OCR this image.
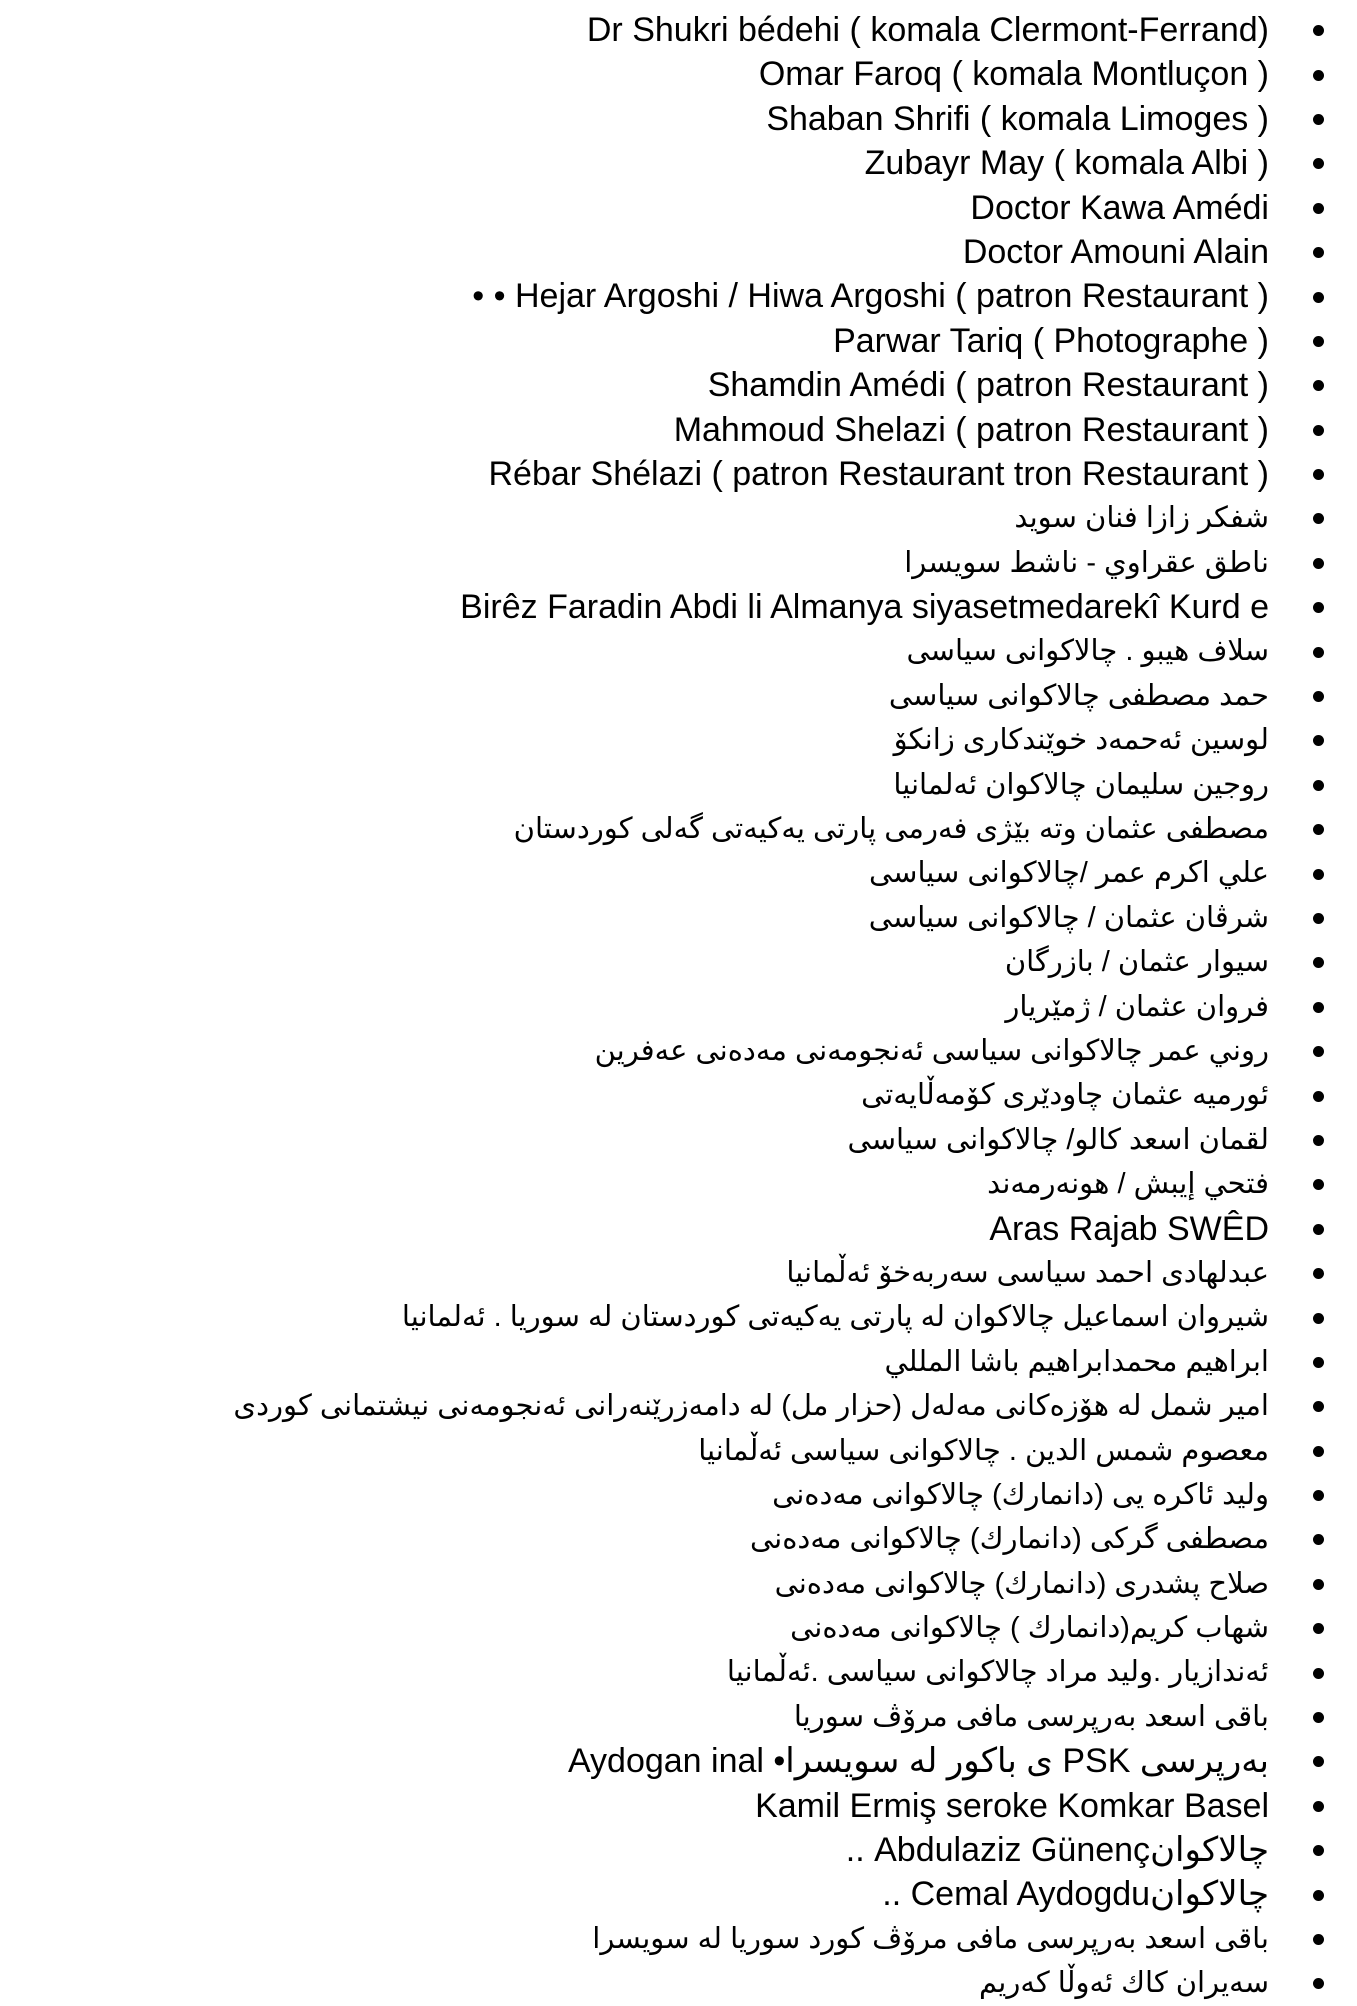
Dr Shukri bédehi ( komala Clermont-Ferrand)
Omar Faroq ( komala Montluçon )
Shaban Shrifi ( komala Limoges )
Zubayr May ( komala Albi )
Doctor Kawa Amédi
Doctor Amouni Alain
• • Hejar Argoshi / Hiwa Argoshi ( patron Restaurant )
Parwar Tariq ( Photographe )
Shamdin Amédi ( patron Restaurant )
Mahmoud Shelazi ( patron Restaurant )
Rébar Shélazi ( patron Restaurant tron Restaurant )
شفكر زازا فنان سويد
ناطق عقراوي - ناشط سويسرا
Birêz Faradin Abdi li Almanya siyasetmedarekî Kurd e
سلاف هيبو . چالاکوانی سیاسی
حمد مصطفى چالاکوانی سیاسی
لوسين ئەحمەد خوێندکاری زانکۆ
روجين سليمان چالاکوان ئەلمانیا
مصطفى عثمان وتە بێژی فەرمی پارتی یەکیەتی گەلی کوردستان
علي اكرم عمر /چالاکوانی سیاسی
شرڤان عثمان / چالاکوانی سیاسی
سيوار عثمان / بازرگان
فروان عثمان / ژمێریار
روني عمر چالاکوانی سیاسی ئەنجومەنی مەدەنی عەفرین
ئورميه عثمان چاودێری کۆمەڵایەتی
لقمان اسعد كالو/ چالاکوانی سیاسی
فتحي إيبش / هونەرمەند
Aras Rajab SWÊD
عبدلهادی احمد سیاسی سەربەخۆ ئەڵمانیا
شیروان اسماعیل چالاکوان لە پارتی یەکیەتی کوردستان لە سوریا . ئەلمانیا
ابراهيم محمدابراهيم باشا المللي
امير شمل لە هۆزەکانی مەلەل (حزار مل) لە دامەزرێنەرانی ئەنجومەنی نیشتمانی کوردی
معصوم شمس الدين . چالاکوانی سیاسی ئەڵمانیا
وليد ئاكره يى (دانمارك) چالاکوانی مەدەنی
مصطفى گرکی (دانمارك) چالاکوانی مەدەنی
صلاح پشدری (دانمارك) چالاکوانی مەدەنی
شهاب كريم(دانمارك ) چالاکوانی مەدەنی
ئەندازیار .وليد مراد چالاکوانی سیاسی .ئەڵمانیا
باقی اسعد بەرپرسی مافی مرۆڤ سوریا
بەرپرسی PSK ی باکور لە سویسرا• Aydogan inal
Kamil Ermiş seroke Komkar Basel
چالاکوانAbdulaziz Günenç ..
چالاکوانCemal Aydogdu ..
باقی اسعد بەرپرسی مافی مرۆڤ کورد سوریا لە سویسرا
سەیران کاك ئەوڵا کەریم
